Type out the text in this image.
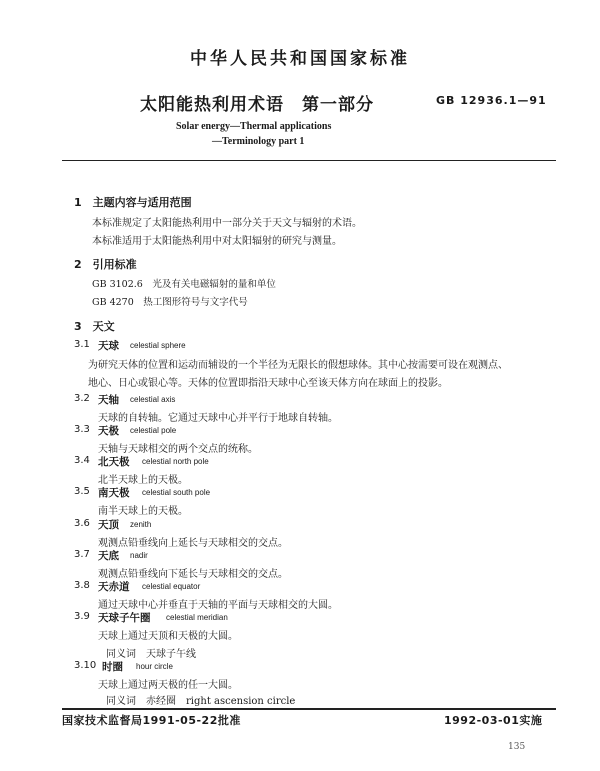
中华人民共和国国家标准
太阳能热利用术语　第一部分	GB 12936.1—91
Solar energy—Thermal applications
—Terminology part 1
1　主题内容与适用范围
本标准规定了太阳能热利用中一部分关于天文与辐射的术语。
本标准适用于太阳能热利用中对太阳辐射的研究与测量。
2　引用标准
GB 3102.6　光及有关电磁辐射的量和单位
GB 4270　热工图形符号与文字代号
3　天文
3.1 天球 celestial sphere
为研究天体的位置和运动而辅设的一个半径为无限长的假想球体。其中心按需要可设在观测点、
地心、日心或银心等。天体的位置即指沿天球中心至该天体方向在球面上的投影。
3.2 天轴 celestial axis
天球的自转轴。它通过天球中心并平行于地球自转轴。
3.3 天极 celestial pole
天轴与天球相交的两个交点的统称。
3.4 北天极 celestial north pole
北半天球上的天极。
3.5 南天极 celestial south pole
南半天球上的天极。
3.6 天顶 zenith
观测点铅垂线向上延长与天球相交的交点。
3.7 天底 nadir
观测点铅垂线向下延长与天球相交的交点。
3.8 天赤道 celestial equator
通过天球中心并垂直于天轴的平面与天球相交的大圆。
3.9 天球子午圈 celestial meridian
天球上通过天顶和天极的大圆。
同义词　天球子午线
3.10 时圈 hour circle
天球上通过两天极的任一大圆。
同义词　赤经圈　right ascension circle
国家技术监督局1991-05-22批准	1992-03-01实施
135
